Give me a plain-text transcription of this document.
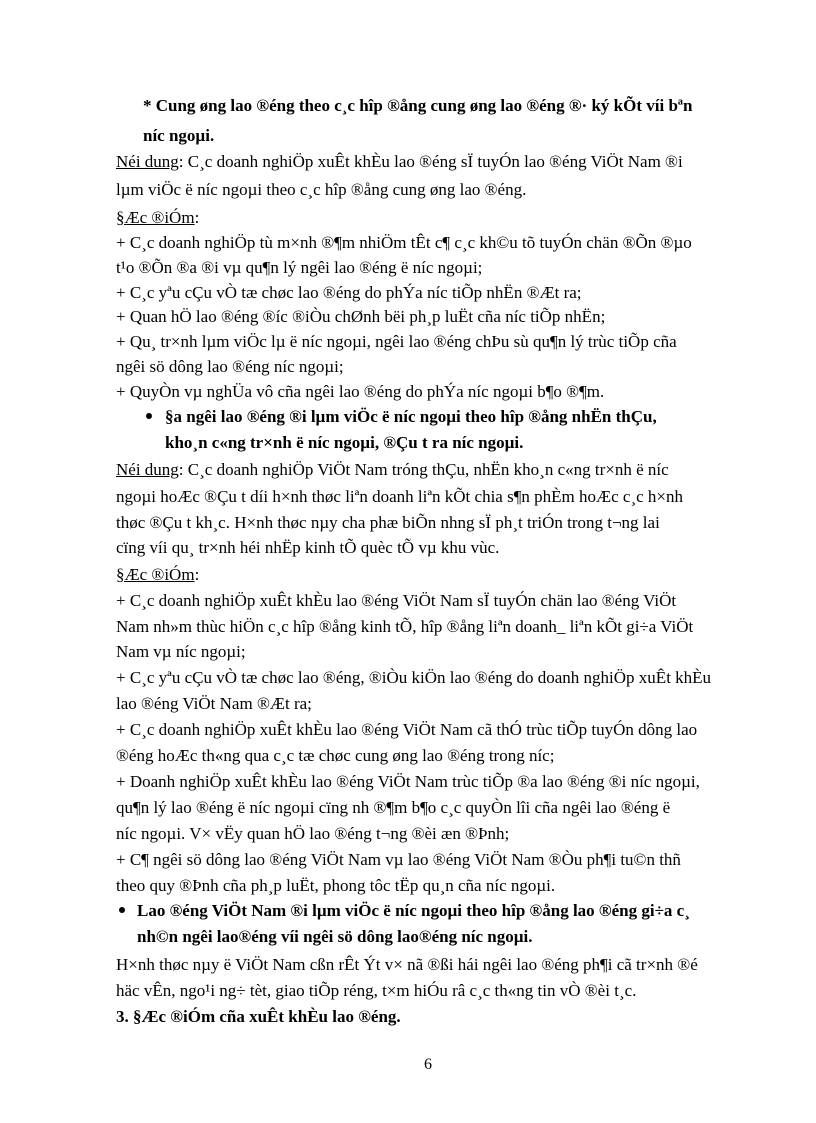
* Cung øng lao ®éng theo c¸c hîp ®ång cung øng lao ®éng ®· ký kÕt víi bªn
níc ngoµi.
Néi dung: C¸c doanh nghiÖp xuÊt khÈu lao ®éng sÏ tuyÓn lao ®éng ViÖt Nam ®i
lµm viÖc ë níc ngoµi theo c¸c hîp ®ång cung øng lao ®éng.
§Æc ®iÓm:
+ C¸c doanh nghiÖp tù m×nh ®¶m nhiÖm tÊt c¶ c¸c kh©u tõ tuyÓn chän ®Õn ®µo
t¹o ®Õn ®a ®i vµ qu¶n lý ngêi lao ®éng ë níc ngoµi;
+ C¸c yªu cÇu vÒ tæ chøc lao ®éng do phÝa níc tiÕp nhËn ®Æt ra;
+ Quan hÖ lao ®éng ®íc ®iÒu chØnh bëi ph¸p luËt cña níc tiÕp nhËn;
+ Qu¸ tr×nh lµm viÖc lµ ë níc ngoµi, ngêi lao ®éng chÞu sù qu¶n lý trùc tiÕp cña
ngêi sö dông lao ®éng níc ngoµi;
+ QuyÒn vµ nghÜa vô cña ngêi lao ®éng do phÝa níc ngoµi b¶o ®¶m.
§a ngêi lao ®éng ®i lµm viÖc ë níc ngoµi theo hîp ®ång nhËn thÇu,
kho¸n c«ng tr×nh ë níc ngoµi, ®Çu t ra níc ngoµi.
Néi dung: C¸c doanh nghiÖp ViÖt Nam tróng thÇu, nhËn kho¸n c«ng tr×nh ë níc
ngoµi hoÆc ®Çu t díi h×nh thøc liªn doanh liªn kÕt chia s¶n phÈm hoÆc c¸c h×nh
thøc ®Çu t kh¸c. H×nh thøc nµy cha phæ biÕn nhng sÏ ph¸t triÓn trong t¬ng lai
cïng víi qu¸ tr×nh héi nhËp kinh tÕ quèc tÕ vµ khu vùc.
§Æc ®iÓm:
+ C¸c doanh nghiÖp xuÊt khÈu lao ®éng ViÖt Nam sÏ tuyÓn chän lao ®éng ViÖt
Nam nh»m thùc hiÖn c¸c hîp ®ång kinh tÕ, hîp ®ång liªn doanh_ liªn kÕt gi÷a ViÖt
Nam vµ níc ngoµi;
+ C¸c yªu cÇu vÒ tæ chøc lao ®éng, ®iÒu kiÖn lao ®éng do doanh nghiÖp xuÊt khÈu
lao ®éng ViÖt Nam ®Æt ra;
+ C¸c doanh nghiÖp xuÊt khÈu lao ®éng ViÖt Nam cã thÓ trùc tiÕp tuyÓn dông lao
®éng hoÆc th«ng qua c¸c tæ chøc cung øng lao ®éng trong níc;
+ Doanh nghiÖp xuÊt khÈu lao ®éng ViÖt Nam trùc tiÕp ®a lao ®éng ®i níc ngoµi,
qu¶n lý lao ®éng ë níc ngoµi cïng nh ®¶m b¶o c¸c quyÒn lîi cña ngêi lao ®éng ë
níc ngoµi. V× vËy quan hÖ lao ®éng t¬ng ®èi æn ®Þnh;
+ C¶ ngêi sö dông lao ®éng ViÖt Nam vµ lao ®éng ViÖt Nam ®Òu ph¶i tu©n thñ
theo quy ®Þnh cña ph¸p luËt, phong tôc tËp qu¸n cña níc ngoµi.
Lao ®éng ViÖt Nam ®i lµm viÖc ë níc ngoµi theo hîp ®ång lao ®éng gi÷a c¸
nh©n ngêi lao®éng víi ngêi sö dông lao®éng níc ngoµi.
H×nh thøc nµy ë ViÖt Nam cßn rÊt Ýt v× nã ®ßi hái ngêi lao ®éng ph¶i cã tr×nh ®é
häc vÊn, ngo¹i ng÷ tèt, giao tiÕp réng, t×m hiÓu râ c¸c th«ng tin vÒ ®èi t¸c.
3. §Æc ®iÓm cña xuÊt khÈu lao ®éng.
6
